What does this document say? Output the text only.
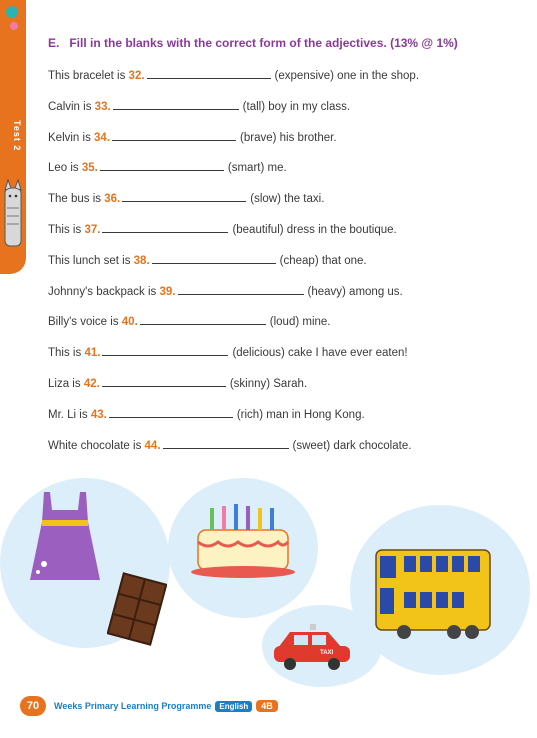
Test 2
E. Fill in the blanks with the correct form of the adjectives. (13% @ 1%)
This bracelet is 32.	(expensive) one in the shop.
Calvin is 33.	(tall) boy in my class.
Kelvin is 34.	(brave) his brother.
Leo is 35.	(smart) me.
The bus is 36.	(slow) the taxi.
This is 37.	(beautiful) dress in the boutique.
This lunch set is 38.	(cheap) that one.
Johnny's backpack is 39.	(heavy) among us.
Billy's voice is 40.	(loud) mine.
This is 41.	(delicious) cake I have ever eaten!
Liza is 42.	(skinny) Sarah.
Mr. Li is 43.	(rich) man in Hong Kong.
White chocolate is 44.	(sweet) dark chocolate.
TAXI
70	Weeks Primary Learning Programme	English	4B
